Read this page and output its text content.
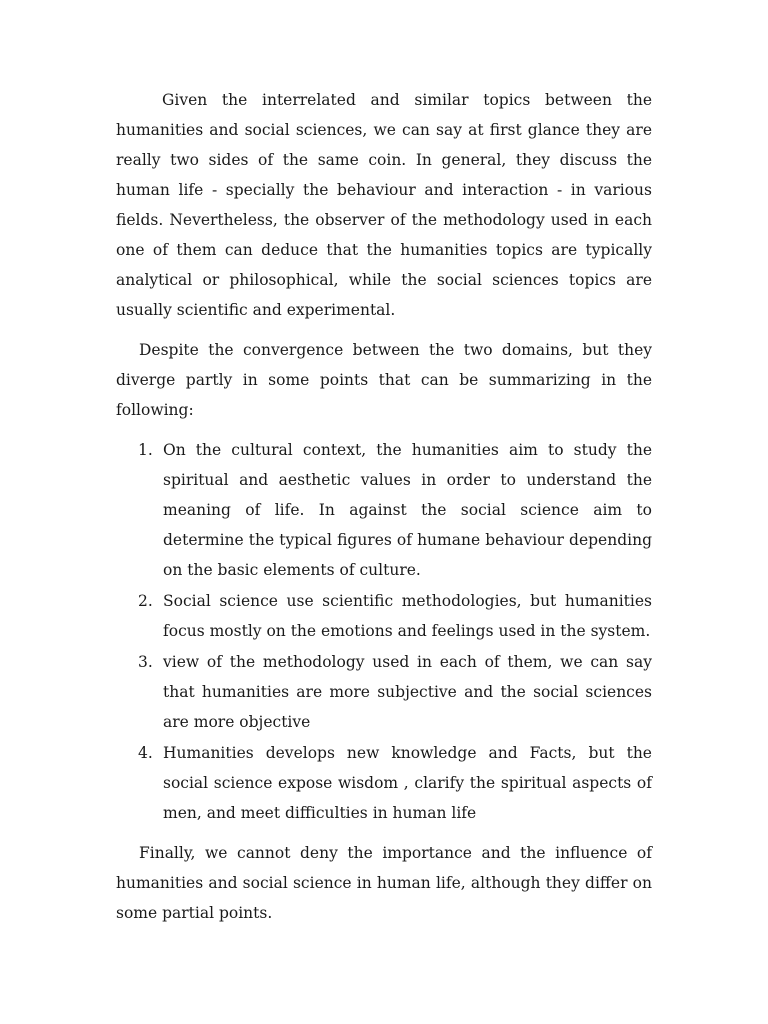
Given the interrelated and similar topics between the humanities and social sciences, we can say at first glance they are really two sides of the same coin. In general, they discuss the human life - specially the behaviour and interaction - in various fields. Nevertheless, the observer of the methodology used in each one of them can deduce that the humanities topics are typically analytical or philosophical, while the social sciences topics are usually scientific and experimental.

Despite the convergence between the two domains, but they diverge partly in some points that can be summarizing in the following:

1. On the cultural context, the humanities aim to study the spiritual and aesthetic values in order to understand the meaning of life. In against the social science aim to determine the typical figures of humane behaviour depending on the basic elements of culture.
2. Social science use scientific methodologies, but humanities focus mostly on the emotions and feelings used in the system.
3. view of the methodology used in each of them, we can say that humanities are more subjective and the social sciences are more objective
4. Humanities develops new knowledge and Facts, but the social science expose wisdom , clarify the spiritual aspects of men, and meet difficulties in human life

Finally, we cannot deny the importance and the influence of humanities and social science in human life, although they differ on some partial points.
